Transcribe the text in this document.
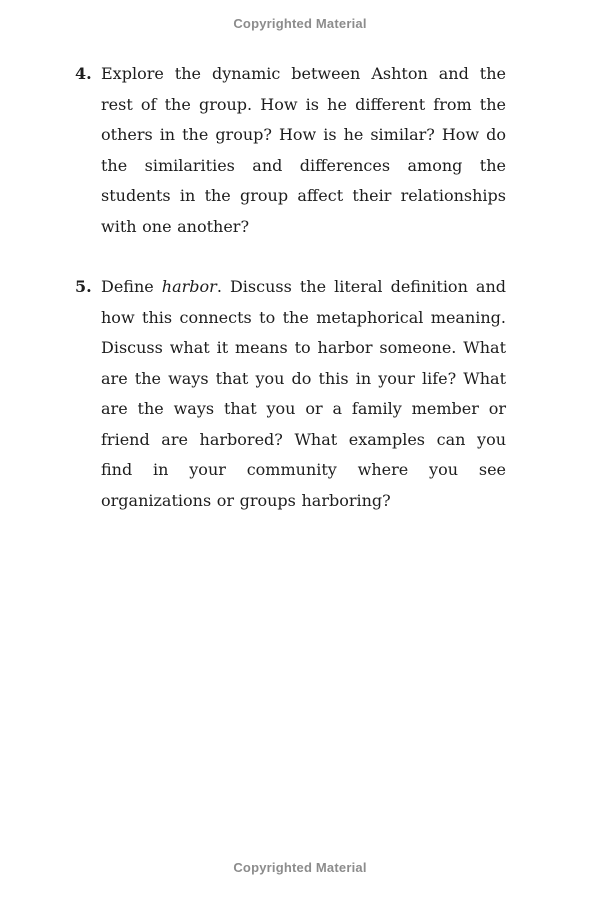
Copyrighted Material
4. Explore the dynamic between Ashton and the rest of the group. How is he different from the others in the group? How is he similar? How do the similarities and differences among the students in the group affect their relationships with one another?
5. Define harbor. Discuss the literal definition and how this connects to the metaphorical meaning. Discuss what it means to harbor someone. What are the ways that you do this in your life? What are the ways that you or a family member or friend are harbored? What examples can you find in your community where you see organizations or groups harboring?
Copyrighted Material
